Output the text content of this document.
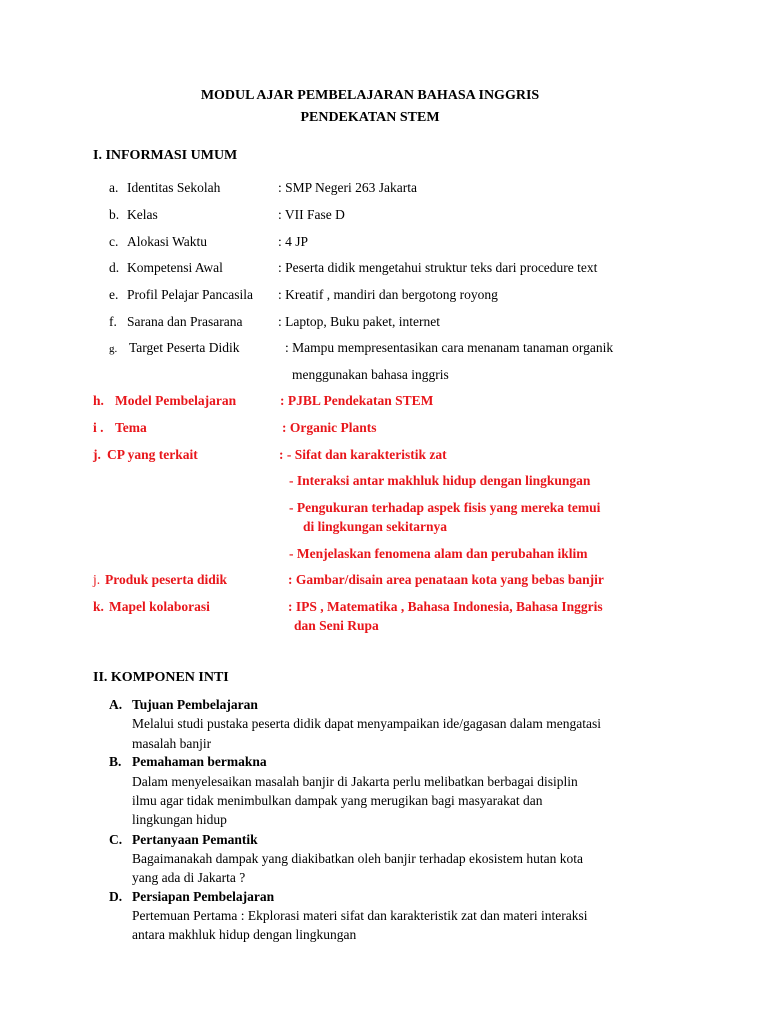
MODUL AJAR PEMBELAJARAN BAHASA INGGRIS
PENDEKATAN STEM
I. INFORMASI UMUM
a. Identitas Sekolah	: SMP Negeri 263 Jakarta
b. Kelas	: VII Fase D
c. Alokasi Waktu	: 4 JP
d. Kompetensi Awal	: Peserta didik mengetahui struktur teks dari procedure text
e. Profil Pelajar Pancasila : Kreatif , mandiri dan bergotong royong
f. Sarana dan Prasarana	: Laptop, Buku paket, internet
g. Target Peserta Didik	: Mampu mempresentasikan cara menanam tanaman organik
menggunakan bahasa inggris
h. Model Pembelajaran	: PJBL Pendekatan STEM
i . Tema	: Organic Plants
j. CP yang terkait	: - Sifat dan karakteristik zat
- Interaksi antar makhluk hidup dengan lingkungan
- Pengukuran terhadap aspek fisis yang mereka temui
di lingkungan sekitarnya
- Menjelaskan fenomena alam dan perubahan iklim
j. Produk peserta didik	: Gambar/disain area penataan kota yang bebas banjir
k. Mapel kolaborasi	: IPS , Matematika , Bahasa Indonesia, Bahasa Inggris
dan Seni Rupa
II. KOMPONEN INTI
A. Tujuan Pembelajaran
Melalui studi pustaka peserta didik dapat menyampaikan ide/gagasan dalam mengatasi
masalah banjir
B. Pemahaman bermakna
Dalam menyelesaikan masalah banjir di Jakarta perlu melibatkan berbagai disiplin
ilmu agar tidak menimbulkan dampak yang merugikan bagi masyarakat dan
lingkungan hidup
C. Pertanyaan Pemantik
Bagaimanakah dampak yang diakibatkan oleh banjir terhadap ekosistem hutan kota
yang ada di Jakarta ?
D. Persiapan Pembelajaran
Pertemuan Pertama : Ekplorasi materi sifat dan karakteristik zat dan materi interaksi
antara makhluk hidup dengan lingkungan
